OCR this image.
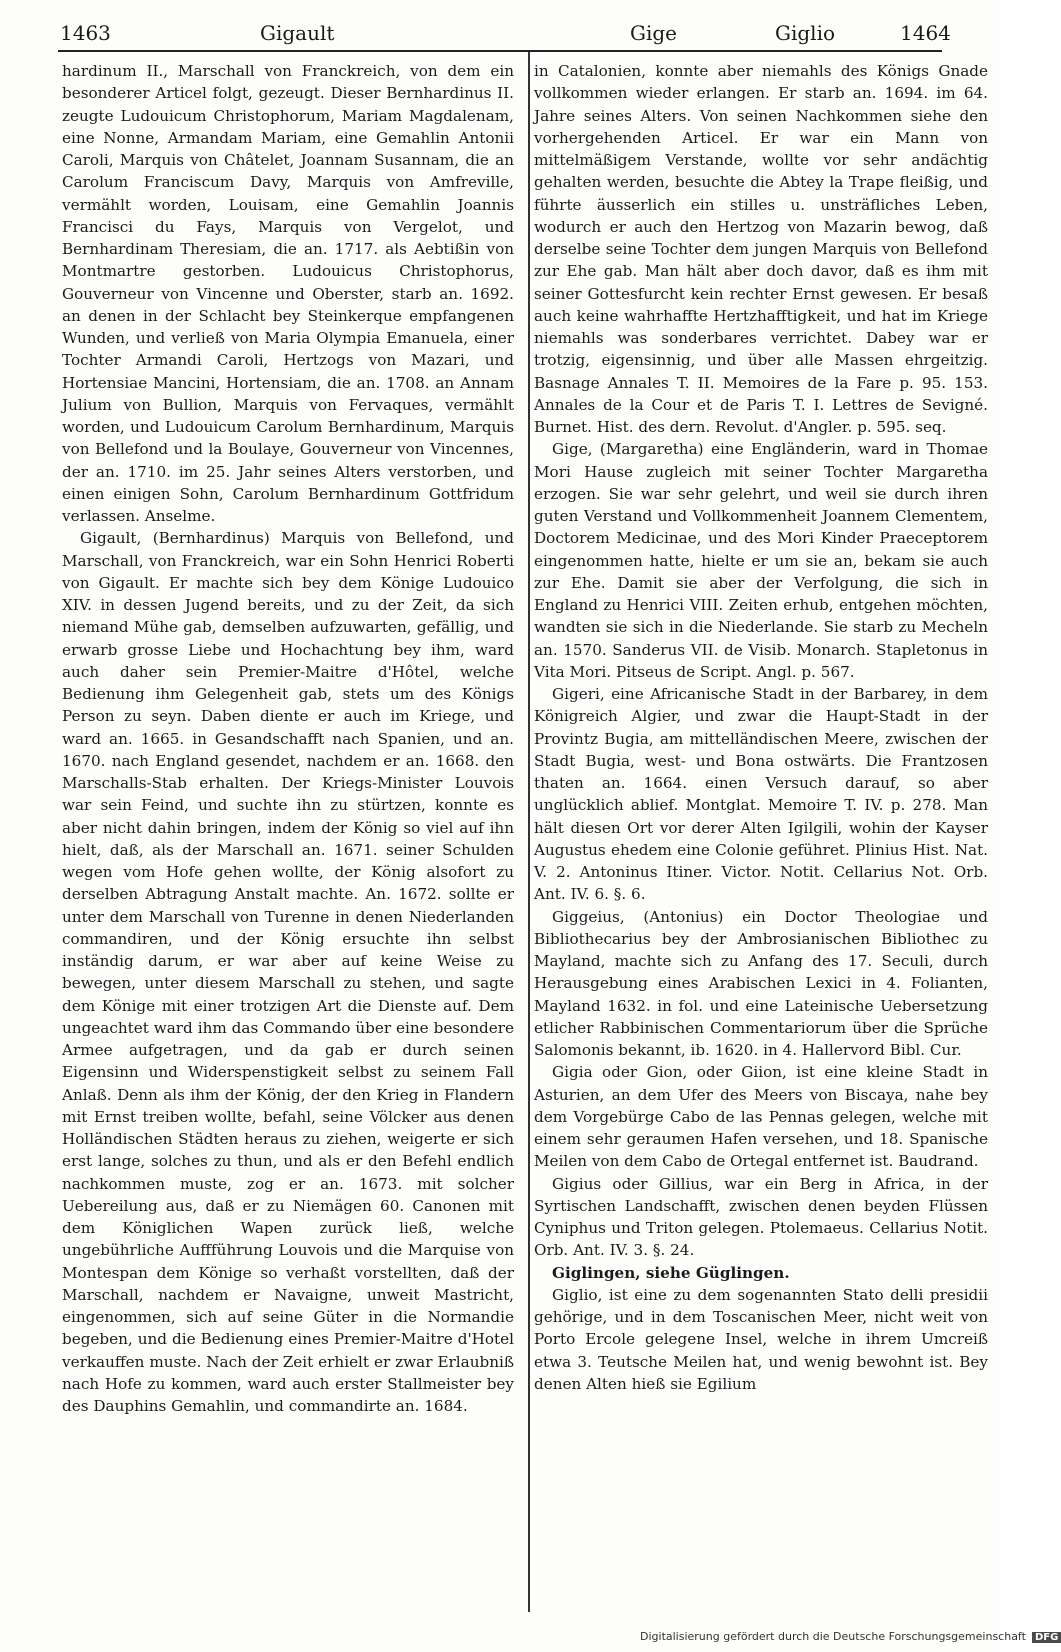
1463	Gigault	Gige	Giglio	1464

hardinum II., Marschall von Franckreich, von dem ein besonderer Articel folgt, gezeugt. Dieser Bernhardinus II. zeugte Ludouicum Christophorum, Mariam Magdalenam, eine Nonne, Armandam Mariam, eine Gemahlin Antonii Caroli, Marquis von Châtelet, Joannam Susannam, die an Carolum Franciscum Davy, Marquis von Amfreville, vermählt worden, Louisam, eine Gemahlin Joannis Francisci du Fays, Marquis von Vergelot, und Bernhardinam Theresiam, die an. 1717. als Aebtißin von Montmartre gestorben. Ludouicus Christophorus, Gouverneur von Vincenne und Oberster, starb an. 1692. an denen in der Schlacht bey Steinkerque empfangenen Wunden, und verließ von Maria Olympia Emanuela, einer Tochter Armandi Caroli, Hertzogs von Mazari, und Hortensiae Mancini, Hortensiam, die an. 1708. an Annam Julium von Bullion, Marquis von Fervaques, vermählt worden, und Ludouicum Carolum Bernhardinum, Marquis von Bellefond und la Boulaye, Gouverneur von Vincennes, der an. 1710. im 25. Jahr seines Alters verstorben, und einen einigen Sohn, Carolum Bernhardinum Gottfridum verlassen. Anselme.

Gigault, (Bernhardinus) Marquis von Bellefond, und Marschall, von Franckreich, war ein Sohn Henrici Roberti von Gigault. Er machte sich bey dem Könige Ludouico XIV. in dessen Jugend bereits, und zu der Zeit, da sich niemand Mühe gab, demselben aufzuwarten, gefällig, und erwarb grosse Liebe und Hochachtung bey ihm, ward auch daher sein Premier-Maitre d'Hôtel, welche Bedienung ihm Gelegenheit gab, stets um des Königs Person zu seyn. Daben diente er auch im Kriege, und ward an. 1665. in Gesandschafft nach Spanien, und an. 1670. nach England gesendet, nachdem er an. 1668. den Marschalls-Stab erhalten. Der Kriegs-Minister Louvois war sein Feind, und suchte ihn zu stürtzen, konnte es aber nicht dahin bringen, indem der König so viel auf ihn hielt, daß, als der Marschall an. 1671. seiner Schulden wegen vom Hofe gehen wollte, der König alsofort zu derselben Abtragung Anstalt machte. An. 1672. sollte er unter dem Marschall von Turenne in denen Niederlanden commandiren, und der König ersuchte ihn selbst inständig darum, er war aber auf keine Weise zu bewegen, unter diesem Marschall zu stehen, und sagte dem Könige mit einer trotzigen Art die Dienste auf. Dem ungeachtet ward ihm das Commando über eine besondere Armee aufgetragen, und da gab er durch seinen Eigensinn und Widerspenstigkeit selbst zu seinem Fall Anlaß. Denn als ihm der König, der den Krieg in Flandern mit Ernst treiben wollte, befahl, seine Völcker aus denen Holländischen Städten heraus zu ziehen, weigerte er sich erst lange, solches zu thun, und als er den Befehl endlich nachkommen muste, zog er an. 1673. mit solcher Uebereilung aus, daß er zu Niemägen 60. Canonen mit dem Königlichen Wapen zurück ließ, welche ungebührliche Auffführung Louvois und die Marquise von Montespan dem Könige so verhaßt vorstellten, daß der Marschall, nachdem er Navaigne, unweit Mastricht, eingenommen, sich auf seine Güter in die Normandie begeben, und die Bedienung eines Premier-Maitre d'Hotel verkauffen muste. Nach der Zeit erhielt er zwar Erlaubniß nach Hofe zu kommen, ward auch erster Stallmeister bey des Dauphins Gemahlin, und commandirte an. 1684.

in Catalonien, konnte aber niemahls des Königs Gnade vollkommen wieder erlangen. Er starb an. 1694. im 64. Jahre seines Alters. Von seinen Nachkommen siehe den vorhergehenden Articel. Er war ein Mann von mittelmäßigem Verstande, wollte vor sehr andächtig gehalten werden, besuchte die Abtey la Trape fleißig, und führte äusserlich ein stilles u. unsträfliches Leben, wodurch er auch den Hertzog von Mazarin bewog, daß derselbe seine Tochter dem jungen Marquis von Bellefond zur Ehe gab. Man hält aber doch davor, daß es ihm mit seiner Gottesfurcht kein rechter Ernst gewesen. Er besaß auch keine wahrhaffte Hertzhafftigkeit, und hat im Kriege niemahls was sonderbares verrichtet. Dabey war er trotzig, eigensinnig, und über alle Massen ehrgeitzig. Basnage Annales T. II. Memoires de la Fare p. 95. 153. Annales de la Cour et de Paris T. I. Lettres de Sevigné. Burnet. Hist. des dern. Revolut. d'Angler. p. 595. seq.

Gige, (Margaretha) eine Engländerin, ward in Thomae Mori Hause zugleich mit seiner Tochter Margaretha erzogen. Sie war sehr gelehrt, und weil sie durch ihren guten Verstand und Vollkommenheit Joannem Clementem, Doctorem Medicinae, und des Mori Kinder Praeceptorem eingenommen hatte, hielte er um sie an, bekam sie auch zur Ehe. Damit sie aber der Verfolgung, die sich in England zu Henrici VIII. Zeiten erhub, entgehen möchten, wandten sie sich in die Niederlande. Sie starb zu Mecheln an. 1570. Sanderus VII. de Visib. Monarch. Stapletonus in Vita Mori. Pitseus de Script. Angl. p. 567.

Gigeri, eine Africanische Stadt in der Barbarey, in dem Königreich Algier, und zwar die Haupt-Stadt in der Provintz Bugia, am mittelländischen Meere, zwischen der Stadt Bugia, west- und Bona ostwärts. Die Frantzosen thaten an. 1664. einen Versuch darauf, so aber unglücklich ablief. Montglat. Memoire T. IV. p. 278. Man hält diesen Ort vor derer Alten Igilgili, wohin der Kayser Augustus ehedem eine Colonie geführet. Plinius Hist. Nat. V. 2. Antoninus Itiner. Victor. Notit. Cellarius Not. Orb. Ant. IV. 6. §. 6.

Giggeius, (Antonius) ein Doctor Theologiae und Bibliothecarius bey der Ambrosianischen Bibliothec zu Mayland, machte sich zu Anfang des 17. Seculi, durch Herausgebung eines Arabischen Lexici in 4. Folianten, Mayland 1632. in fol. und eine Lateinische Uebersetzung etlicher Rabbinischen Commentariorum über die Sprüche Salomonis bekannt, ib. 1620. in 4. Hallervord Bibl. Cur.

Gigia oder Gion, oder Giion, ist eine kleine Stadt in Asturien, an dem Ufer des Meers von Biscaya, nahe bey dem Vorgebürge Cabo de las Pennas gelegen, welche mit einem sehr geraumen Hafen versehen, und 18. Spanische Meilen von dem Cabo de Ortegal entfernet ist. Baudrand.

Gigius oder Gillius, war ein Berg in Africa, in der Syrtischen Landschafft, zwischen denen beyden Flüssen Cyniphus und Triton gelegen. Ptolemaeus. Cellarius Notit. Orb. Ant. IV. 3. §. 24.

Giglingen, siehe Güglingen.

Giglio, ist eine zu dem sogenannten Stato delli presidii gehörige, und in dem Toscanischen Meer, nicht weit von Porto Ercole gelegene Insel, welche in ihrem Umcreiß etwa 3. Teutsche Meilen hat, und wenig bewohnt ist. Bey denen Alten hieß sie Egilium

Digitalisierung gefördert durch die Deutsche Forschungsgemeinschaft DFG
